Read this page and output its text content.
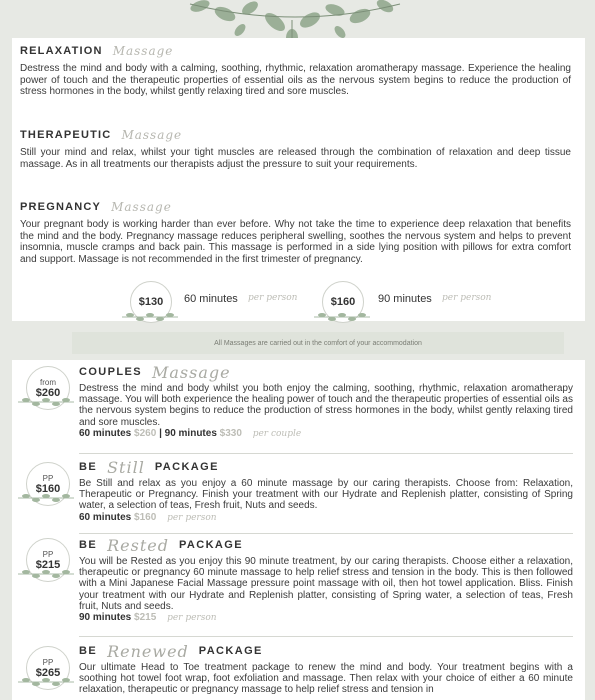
RELAXATION Massage
Destress the mind and body with a calming, soothing, rhythmic, relaxation aromatherapy massage. Experience the healing power of touch and the therapeutic properties of essential oils as the nervous system begins to reduce the production of stress hormones in the body, whilst gently relaxing tired and sore muscles.
THERAPEUTIC Massage
Still your mind and relax, whilst your tight muscles are released through the combination of relaxation and deep tissue massage. As in all treatments our therapists adjust the pressure to suit your requirements.
PREGNANCY Massage
Your pregnant body is working harder than ever before. Why not take the time to experience deep relaxation that benefits the mind and the body. Pregnancy massage reduces peripheral swelling, soothes the nervous system and helps to prevent insomnia, muscle cramps and back pain. This massage is performed in a side lying position with pillows for extra comfort and support. Massage is not recommended in the first trimester of pregnancy.
$130 60 minutes per person	$160 90 minutes per person
All Massages are carried out in the comfort of your accommodation
from
$260
COUPLES Massage
Destress the mind and body whilst you both enjoy the calming, soothing, rhythmic, relaxation aromatherapy massage. You will both experience the healing power of touch and the therapeutic properties of essential oils as the nervous system begins to reduce the production of stress hormones in the body, whilst gently relaxing tired and sore muscles.
60 minutes $260 | 90 minutes $330 per couple
PP
$160
BE Still PACKAGE
Be Still and relax as you enjoy a 60 minute massage by our caring therapists. Choose from: Relaxation, Therapeutic or Pregnancy. Finish your treatment with our Hydrate and Replenish platter, consisting of Spring water, a selection of teas, Fresh fruit, Nuts and seeds.
60 minutes $160 per person
PP
$215
BE Rested PACKAGE
You will be Rested as you enjoy this 90 minute treatment, by our caring therapists. Choose either a relaxation, therapeutic or pregnancy 60 minute massage to help relief stress and tension in the body. This is then followed with a Mini Japanese Facial Massage pressure point massage with oil, then hot towel application. Bliss. Finish your treatment with our Hydrate and Replenish platter, consisting of Spring water, a selection of teas, Fresh fruit, Nuts and seeds.
90 minutes $215 per person
PP
$265
BE Renewed PACKAGE
Our ultimate Head to Toe treatment package to renew the mind and body. Your treatment begins with a soothing hot towel foot wrap, foot exfoliation and massage. Then relax with your choice of either a 60 minute relaxation, therapeutic or pregnancy massage to help relief stress and tension in
